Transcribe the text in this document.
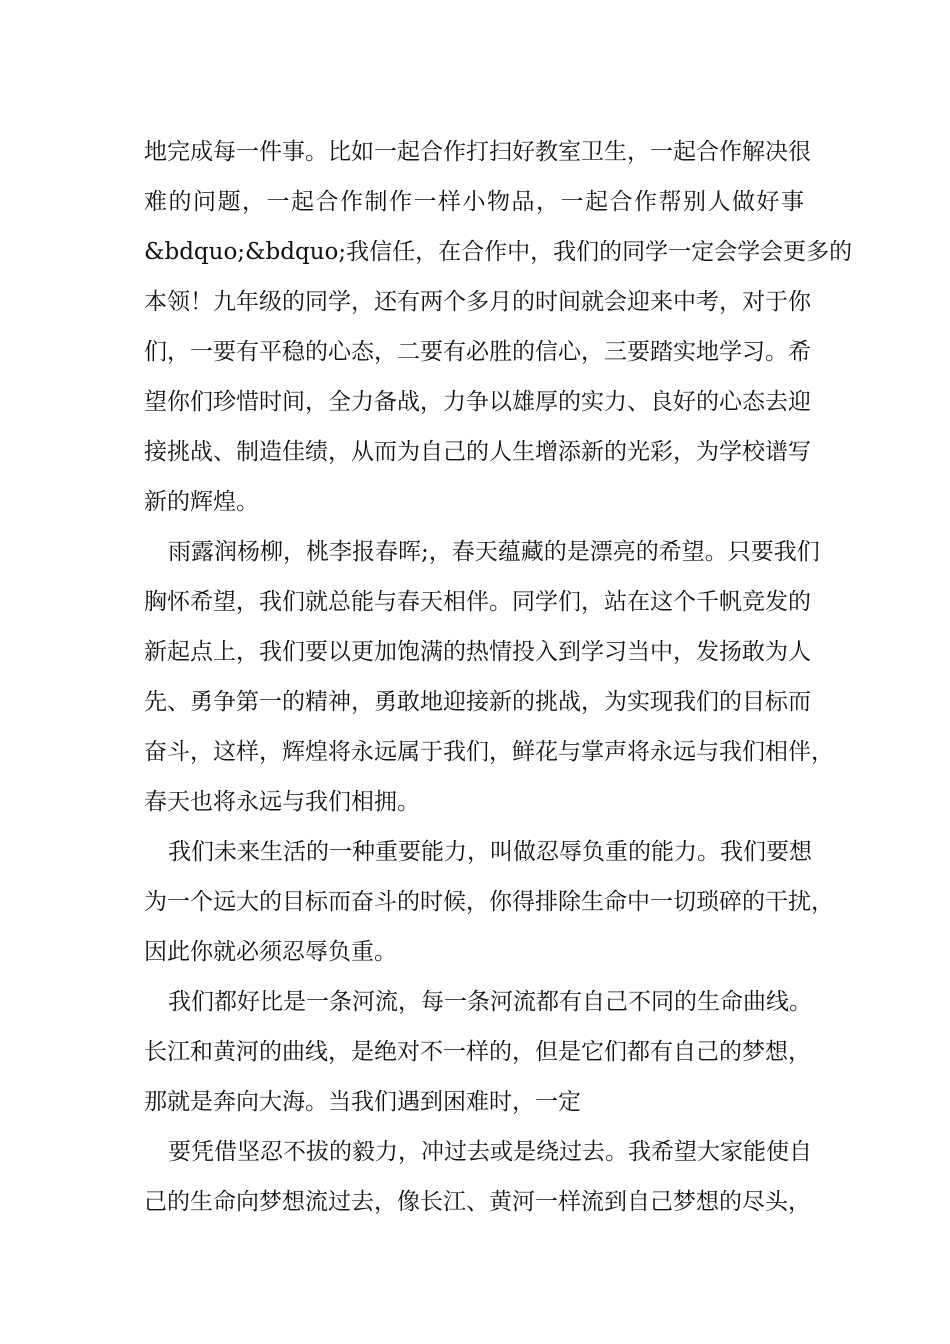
地完成每一件事。比如一起合作打扫好教室卫生，一起合作解决很
难的问题，一起合作制作一样小物品，一起合作帮别人做好事
&bdquo;&bdquo;我信任，在合作中，我们的同学一定会学会更多的
本领！九年级的同学，还有两个多月的时间就会迎来中考，对于你
们，一要有平稳的心态，二要有必胜的信心，三要踏实地学习。希
望你们珍惜时间，全力备战，力争以雄厚的实力、良好的心态去迎
接挑战、制造佳绩，从而为自己的人生增添新的光彩，为学校谱写
新的辉煌。
雨露润杨柳，桃李报春晖;，春天蕴藏的是漂亮的希望。只要我们
胸怀希望，我们就总能与春天相伴。同学们，站在这个千帆竞发的
新起点上，我们要以更加饱满的热情投入到学习当中，发扬敢为人
先、勇争第一的精神，勇敢地迎接新的挑战，为实现我们的目标而
奋斗，这样，辉煌将永远属于我们，鲜花与掌声将永远与我们相伴，
春天也将永远与我们相拥。
我们未来生活的一种重要能力，叫做忍辱负重的能力。我们要想
为一个远大的目标而奋斗的时候，你得排除生命中一切琐碎的干扰，
因此你就必须忍辱负重。
我们都好比是一条河流，每一条河流都有自己不同的生命曲线。
长江和黄河的曲线，是绝对不一样的，但是它们都有自己的梦想，
那就是奔向大海。当我们遇到困难时，一定
要凭借坚忍不拔的毅力，冲过去或是绕过去。我希望大家能使自
己的生命向梦想流过去，像长江、黄河一样流到自己梦想的尽头，
